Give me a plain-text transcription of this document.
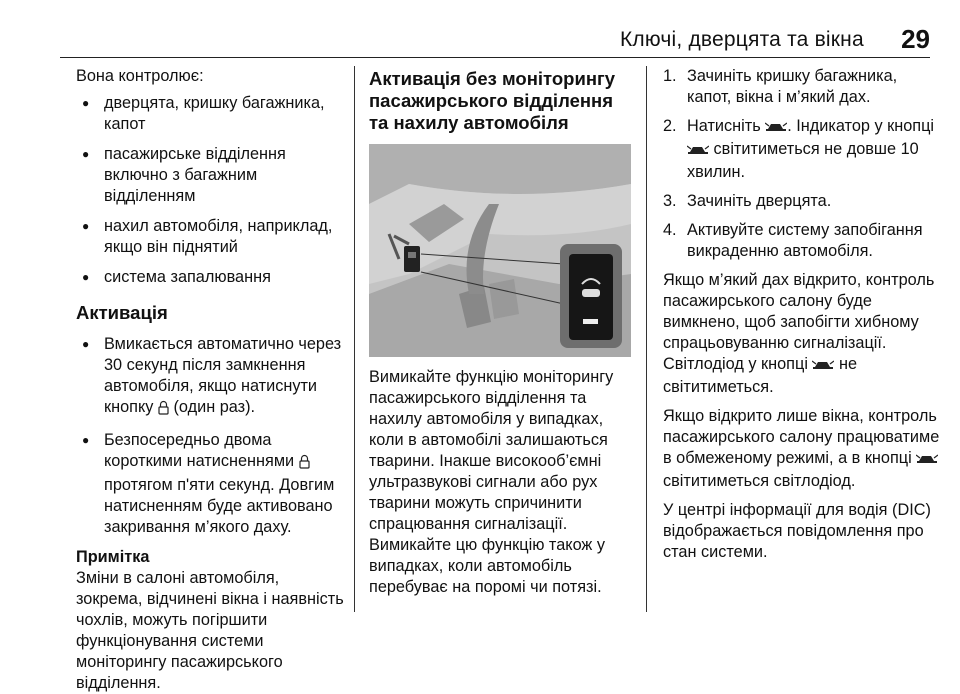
Ключі, дверцята та вікна 29

Вона контролює:

● дверцята, кришку багажника, капот
● пасажирське відділення включно з багажним відділенням
● нахил автомобіля, наприклад, якщо він піднятий
● система запалювання

Активація

● Вмикається автоматично через 30 секунд після замкнення автомобіля, якщо натиснути кнопку  (один раз).
● Безпосередньо двома короткими натисненнями  протягом п'яти секунд. Довгим натисненням буде активовано закривання м’якого даху.

Примітка

Зміни в салоні автомобіля, зокрема, відчинені вікна і наявність чохлів, можуть погіршити функціонування системи моніторингу пасажирського відділення.

Активація без моніторингу пасажирського відділення та нахилу автомобіля

Вимикайте функцію моніторингу пасажирського відділення та нахилу автомобіля у випадках, коли в автомобілі залишаються тварини. Інакше високооб’ємні ультразвукові сигнали або рух тварини можуть спричинити спрацювання сигналізації. Вимикайте цю функцію також у випадках, коли автомобіль перебуває на поромі чи потязі.

1. Зачиніть кришку багажника, капот, вікна і м’який дах.
2. Натисніть . Індикатор у кнопці  світитиметься не довше 10 хвилин.
3. Зачиніть дверцята.
4. Активуйте систему запобігання викраденню автомобіля.

Якщо м’який дах відкрито, контроль пасажирського салону буде вимкнено, щоб запобігти хибному спрацьовуванню сигналізації. Світлодіод у кнопці  не світитиметься.

Якщо відкрито лише вікна, контроль пасажирського салону працюватиме в обмеженому режимі, а в кнопці  світитиметься світлодіод.

У центрі інформації для водія (DIC) відображається повідомлення про стан системи.
